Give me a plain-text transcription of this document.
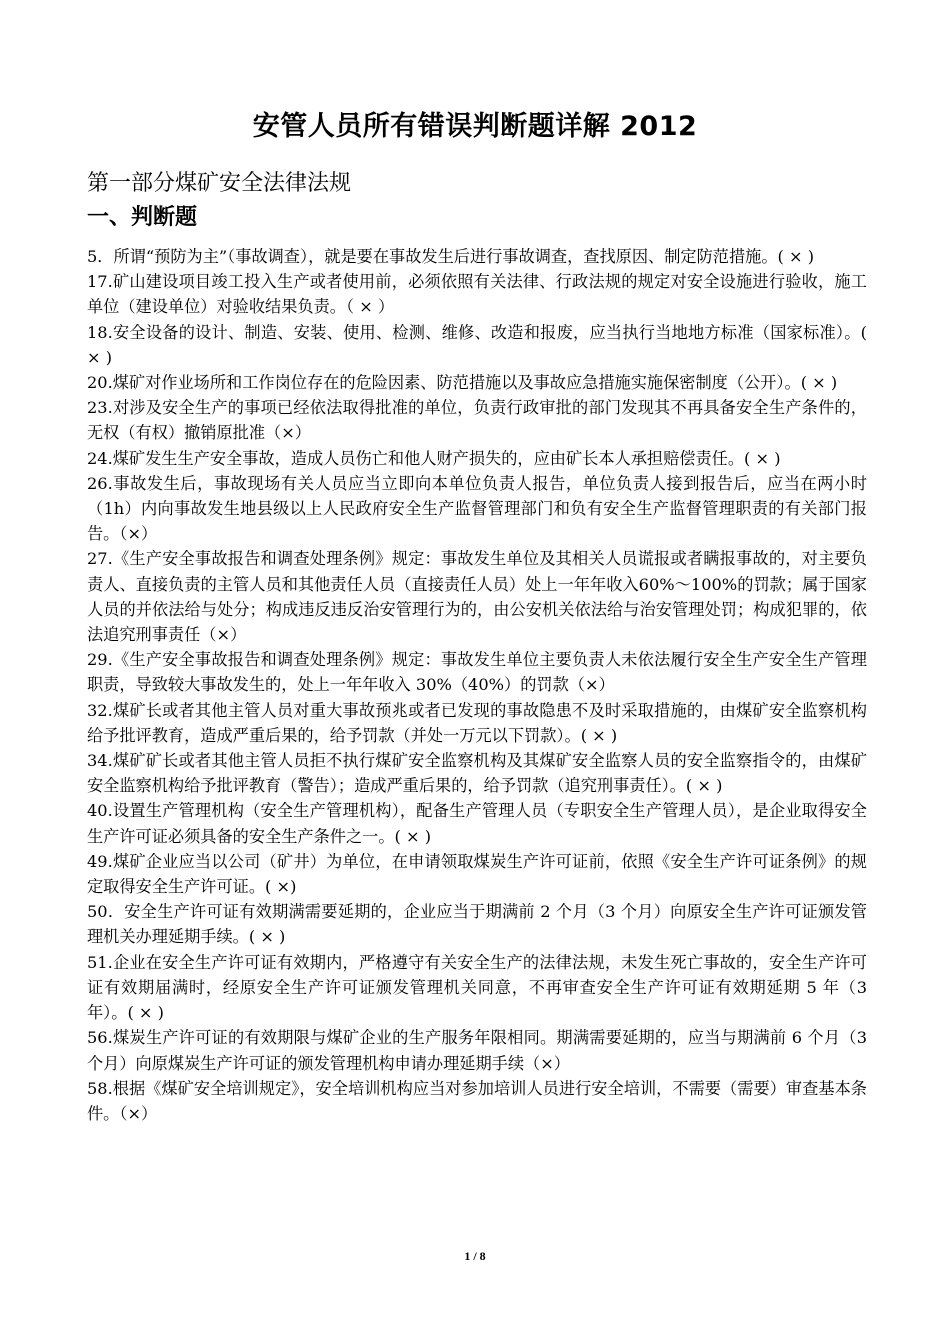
安管人员所有错误判断题详解 2012
第一部分煤矿安全法律法规
一、判断题

5．所谓“预防为主”（事故调查），就是要在事故发生后进行事故调查，查找原因、制定防范措施。( × )

17.矿山建设项目竣工投入生产或者使用前，必须依照有关法律、行政法规的规定对安全设施进行验收，施工单位（建设单位）对验收结果负责。（ × ）

18.安全设备的设计、制造、安装、使用、检测、维修、改造和报废，应当执行当地地方标准（国家标准）。( × )

20.煤矿对作业场所和工作岗位存在的危险因素、防范措施以及事故应急措施实施保密制度（公开）。( × )

23.对涉及安全生产的事项已经依法取得批准的单位，负责行政审批的部门发现其不再具备安全生产条件的，无权（有权）撤销原批准（×）

24.煤矿发生生产安全事故，造成人员伤亡和他人财产损失的，应由矿长本人承担赔偿责任。( × )

26.事故发生后，事故现场有关人员应当立即向本单位负责人报告，单位负责人接到报告后，应当在两小时（1h）内向事故发生地县级以上人民政府安全生产监督管理部门和负有安全生产监督管理职责的有关部门报告。（×）

27.《生产安全事故报告和调查处理条例》规定：事故发生单位及其相关人员谎报或者瞒报事故的，对主要负责人、直接负责的主管人员和其他责任人员（直接责任人员）处上一年年收入60%～100%的罚款；属于国家人员的并依法给与处分；构成违反违反治安管理行为的，由公安机关依法给与治安管理处罚；构成犯罪的，依法追究刑事责任（×）

29.《生产安全事故报告和调查处理条例》规定：事故发生单位主要负责人未依法履行安全生产安全生产管理职责，导致较大事故发生的，处上一年年收入 30%（40%）的罚款（×）

32.煤矿长或者其他主管人员对重大事故预兆或者已发现的事故隐患不及时采取措施的，由煤矿安全监察机构给予批评教育，造成严重后果的，给予罚款（并处一万元以下罚款）。( × )

34.煤矿矿长或者其他主管人员拒不执行煤矿安全监察机构及其煤矿安全监察人员的安全监察指令的，由煤矿安全监察机构给予批评教育（警告）；造成严重后果的，给予罚款（追究刑事责任）。( × )

40.设置生产管理机构（安全生产管理机构），配备生产管理人员（专职安全生产管理人员），是企业取得安全生产许可证必须具备的安全生产条件之一。( × )

49.煤矿企业应当以公司（矿井）为单位，在申请领取煤炭生产许可证前，依照《安全生产许可证条例》的规定取得安全生产许可证。( ×)

50．安全生产许可证有效期满需要延期的，企业应当于期满前 2 个月（3 个月）向原安全生产许可证颁发管理机关办理延期手续。( × )

51.企业在安全生产许可证有效期内，严格遵守有关安全生产的法律法规，未发生死亡事故的，安全生产许可证有效期届满时，经原安全生产许可证颁发管理机关同意，不再审查安全生产许可证有效期延期 5 年（3 年）。( × )

56.煤炭生产许可证的有效期限与煤矿企业的生产服务年限相同。期满需要延期的，应当与期满前 6 个月（3 个月）向原煤炭生产许可证的颁发管理机构申请办理延期手续（×）

58.根据《煤矿安全培训规定》，安全培训机构应当对参加培训人员进行安全培训，不需要（需要）审查基本条件。（×）

1 / 8
